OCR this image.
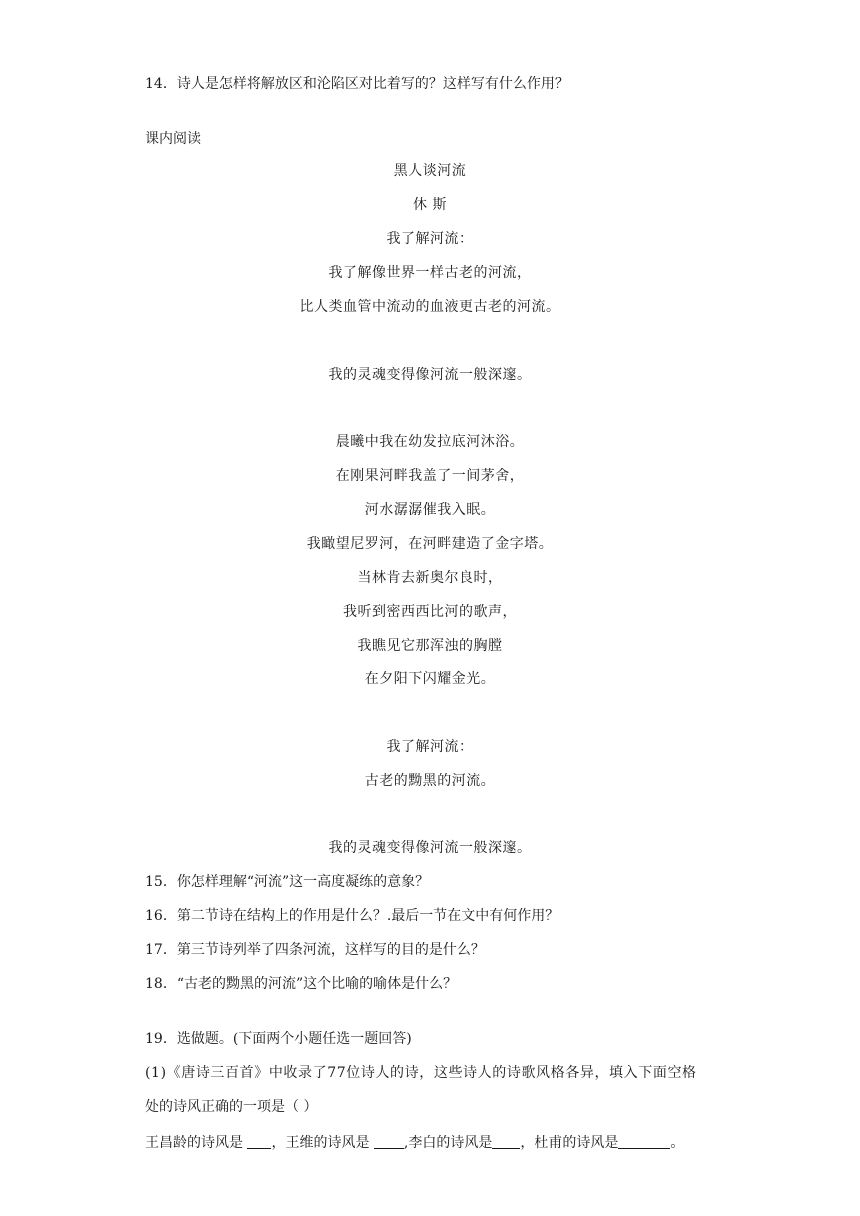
14．诗人是怎样将解放区和沦陷区对比着写的？这样写有什么作用？
课内阅读
黑人谈河流
休 斯
我了解河流：
我了解像世界一样古老的河流，
比人类血管中流动的血液更古老的河流。
我的灵魂变得像河流一般深邃。
晨曦中我在幼发拉底河沐浴。
在刚果河畔我盖了一间茅舍，
河水潺潺催我入眠。
我瞰望尼罗河，在河畔建造了金字塔。
当林肯去新奥尔良时，
我听到密西西比河的歌声，
我瞧见它那浑浊的胸膛
在夕阳下闪耀金光。
我了解河流：
古老的黝黑的河流。
我的灵魂变得像河流一般深邃。
15．你怎样理解“河流”这一高度凝练的意象？
16．第二节诗在结构上的作用是什么？.最后一节在文中有何作用？
17．第三节诗列举了四条河流，这样写的目的是什么？
18．“古老的黝黑的河流”这个比喻的喻体是什么？
19．选做题。(下面两个小题任选一题回答)
(1)《唐诗三百首》中收录了77位诗人的诗，这些诗人的诗歌风格各异，填入下面空格
处的诗风正确的一项是（ ）
王昌龄的诗风是 ，王维的诗风是 ,李白的诗风是 ，杜甫的诗风是	。
